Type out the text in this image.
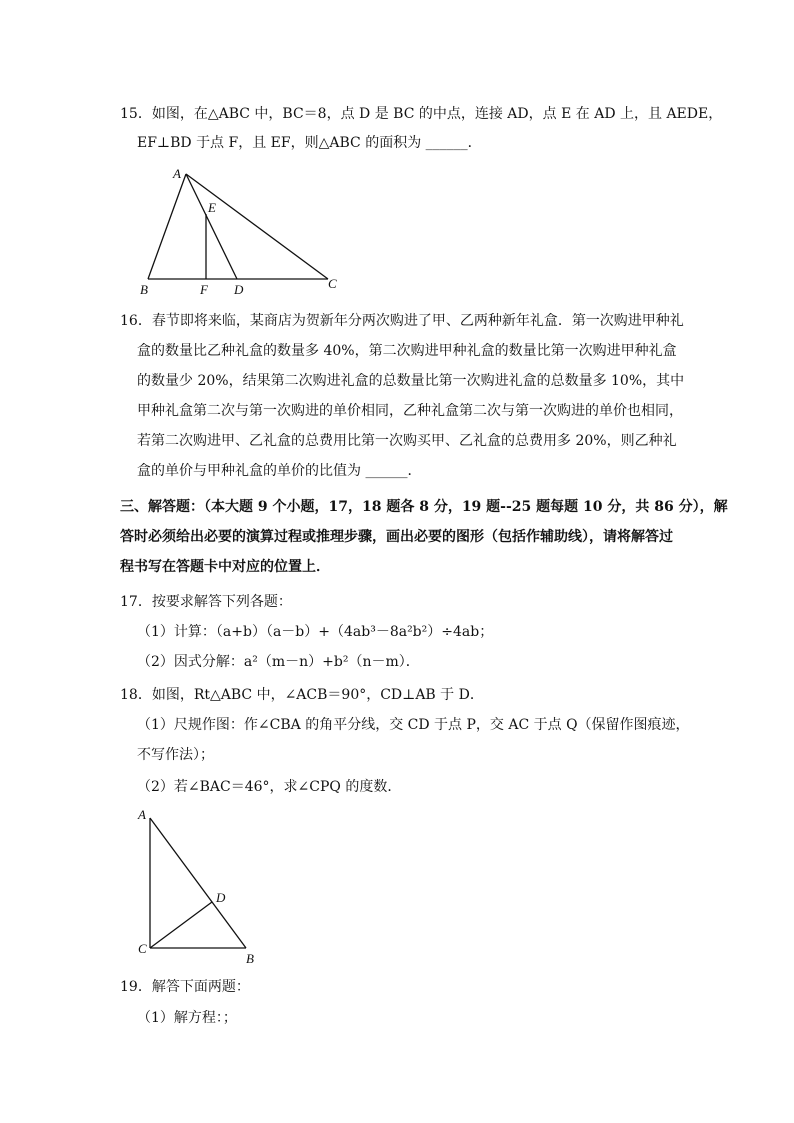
15．如图，在△ABC 中，BC＝8，点 D 是 BC 的中点，连接 AD，点 E 在 AD 上，且 AEDE，
EF⊥BD 于点 F，且 EF，则△ABC 的面积为 ______．
A
E
B	F D	C
16．春节即将来临，某商店为贺新年分两次购进了甲、乙两种新年礼盒．第一次购进甲种礼
盒的数量比乙种礼盒的数量多 40%，第二次购进甲种礼盒的数量比第一次购进甲种礼盒
的数量少 20%，结果第二次购进礼盒的总数量比第一次购进礼盒的总数量多 10%，其中
甲种礼盒第二次与第一次购进的单价相同，乙种礼盒第二次与第一次购进的单价也相同，
若第二次购进甲、乙礼盒的总费用比第一次购买甲、乙礼盒的总费用多 20%，则乙种礼
盒的单价与甲种礼盒的单价的比值为 ______．
三、解答题：（本大题 9 个小题，17，18 题各 8 分，19 题--25 题每题 10 分，共 86 分），解
答时必须给出必要的演算过程或推理步骤，画出必要的图形（包括作辅助线），请将解答过
程书写在答题卡中对应的位置上．
17．按要求解答下列各题：
（1）计算：（a+b）（a－b）+（4ab³－8a²b²）÷4ab；
（2）因式分解：a²（m－n）+b²（n－m）．
18．如图，Rt△ABC 中，∠ACB＝90°，CD⊥AB 于 D．
（1）尺规作图：作∠CBA 的角平分线，交 CD 于点 P，交 AC 于点 Q（保留作图痕迹，
不写作法）；
（2）若∠BAC＝46°，求∠CPQ 的度数．
A
D
C
B
19．解答下面两题：
（1）解方程：；
